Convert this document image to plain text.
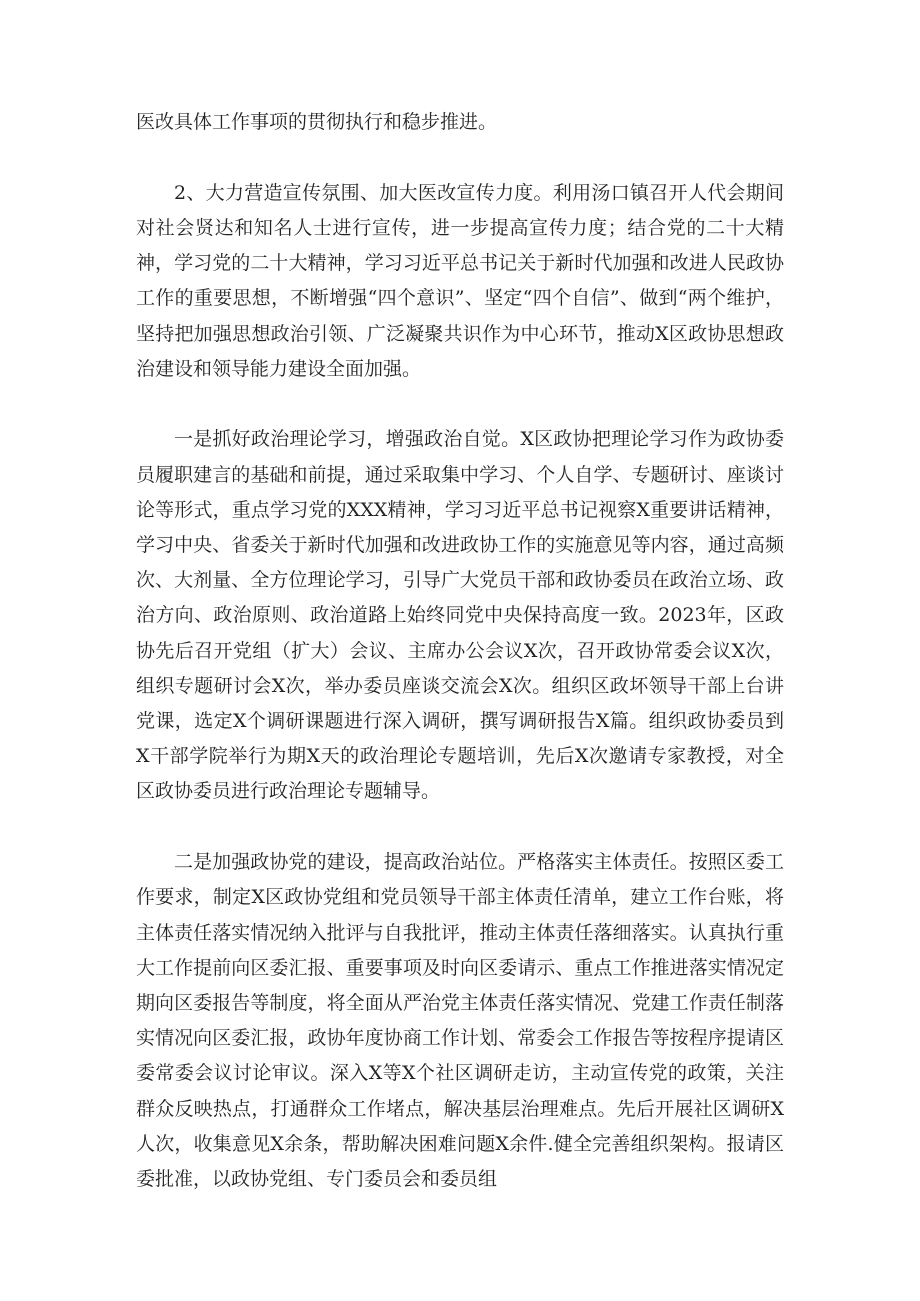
医改具体工作事项的贯彻执行和稳步推进。

2、大力营造宣传氛围、加大医改宣传力度。利用汤口镇召开人代会期间对社会贤达和知名人士进行宣传，进一步提高宣传力度；结合党的二十大精神，学习党的二十大精神，学习习近平总书记关于新时代加强和改进人民政协工作的重要思想，不断增强“四个意识”、坚定“四个自信”、做到“两个维护，坚持把加强思想政治引领、广泛凝聚共识作为中心环节，推动X区政协思想政治建设和领导能力建设全面加强。

一是抓好政治理论学习，增强政治自觉。X区政协把理论学习作为政协委员履职建言的基础和前提，通过采取集中学习、个人自学、专题研讨、座谈讨论等形式，重点学习党的XXX精神，学习习近平总书记视察X重要讲话精神，学习中央、省委关于新时代加强和改进政协工作的实施意见等内容，通过高频次、大剂量、全方位理论学习，引导广大党员干部和政协委员在政治立场、政治方向、政治原则、政治道路上始终同党中央保持高度一致。2023年，区政协先后召开党组（扩大）会议、主席办公会议X次，召开政协常委会议X次，组织专题研讨会X次，举办委员座谈交流会X次。组织区政坏领导干部上台讲党课，选定X个调研课题进行深入调研，撰写调研报告X篇。组织政协委员到X干部学院举行为期X天的政治理论专题培训，先后X次邀请专家教授，对全区政协委员进行政治理论专题辅导。

二是加强政协党的建设，提高政治站位。严格落实主体责任。按照区委工作要求，制定X区政协党组和党员领导干部主体责任清单，建立工作台账，将主体责任落实情况纳入批评与自我批评，推动主体责任落细落实。认真执行重大工作提前向区委汇报、重要事项及时向区委请示、重点工作推进落实情况定期向区委报告等制度，将全面从严治党主体责任落实情况、党建工作责任制落实情况向区委汇报，政协年度协商工作计划、常委会工作报告等按程序提请区委常委会议讨论审议。深入X等X个社区调研走访，主动宣传党的政策，关注群众反映热点，打通群众工作堵点，解决基层治理难点。先后开展社区调研X人次，收集意见X余条，帮助解决困难问题X余件.健全完善组织架构。报请区委批准，以政协党组、专门委员会和委员组
